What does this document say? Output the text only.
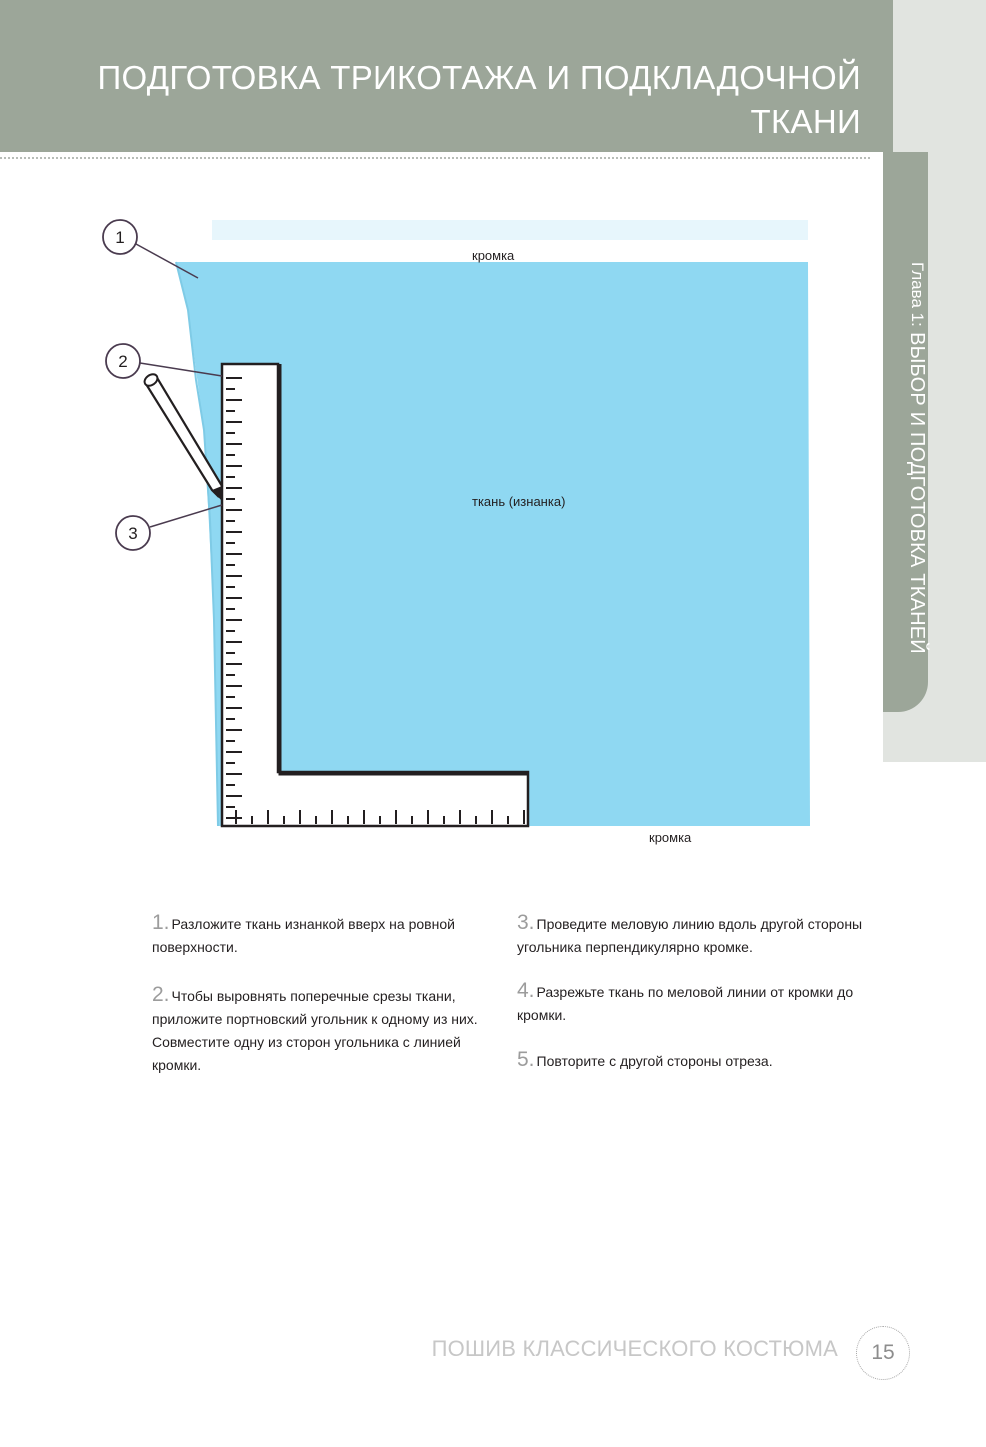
ПОДГОТОВКА ТРИКОТАЖА И ПОДКЛАДОЧНОЙ
ТКАНИ
Глава 1: ВЫБОР И ПОДГОТОВКА ТКАНЕЙ
1
2
3
кромка
ткань (изнанка)
кромка
1. Разложите ткань изнанкой вверх на ровной поверхности.
2. Чтобы выровнять поперечные срезы ткани, приложите портновский угольник к одному из них. Совместите одну из сторон угольника с линией кромки.
3. Проведите меловую линию вдоль другой стороны угольника перпендикулярно кромке.
4. Разрежьте ткань по меловой линии от кромки до кромки.
5. Повторите с другой стороны отреза.
ПОШИВ КЛАССИЧЕСКОГО КОСТЮМА	15
